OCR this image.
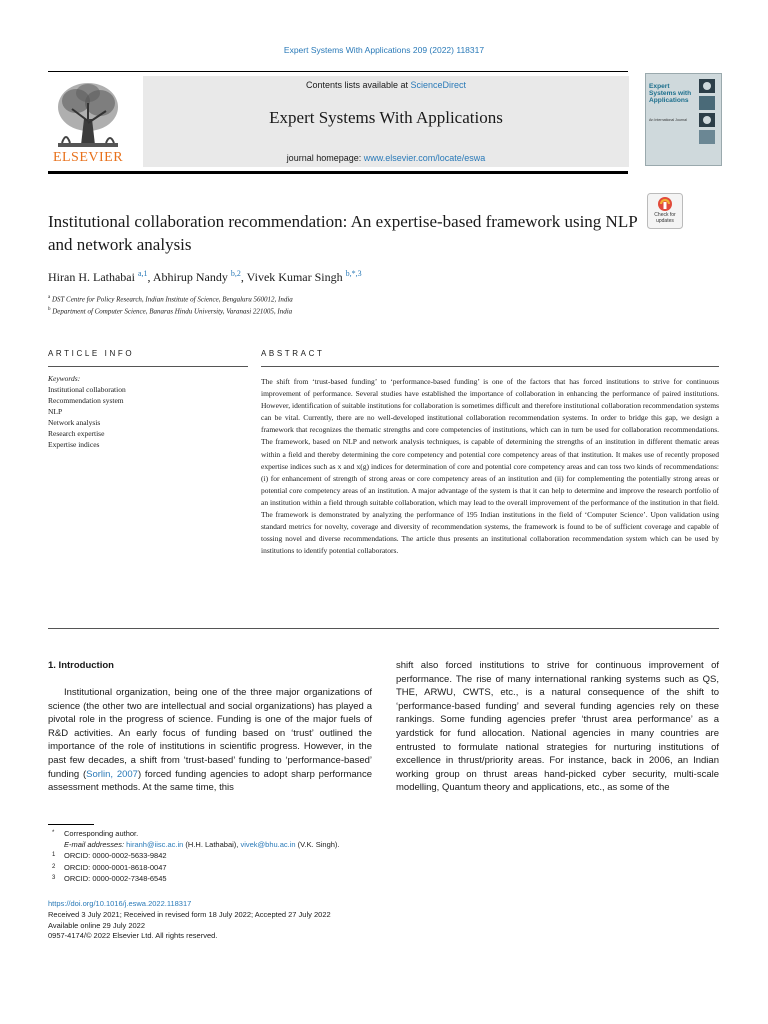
Expert Systems With Applications 209 (2022) 118317
Contents lists available at ScienceDirect
Expert Systems With Applications
journal homepage: www.elsevier.com/locate/eswa
ELSEVIER
Expert Systems with Applications
An International Journal
Check for updates
Institutional collaboration recommendation: An expertise-based framework using NLP and network analysis
Hiran H. Lathabai $^{a,1}$, Abhirup Nandy $^{b,2}$, Vivek Kumar Singh $^{b,*,3}$
$^a$ DST Centre for Policy Research, Indian Institute of Science, Bengaluru 560012, India
$^b$ Department of Computer Science, Banaras Hindu University, Varanasi 221005, India
ARTICLE INFO
Keywords:
Institutional collaboration
Recommendation system
NLP
Network analysis
Research expertise
Expertise indices
ABSTRACT
The shift from ‘trust-based funding’ to ‘performance-based funding’ is one of the factors that has forced institutions to strive for continuous improvement of performance. Several studies have established the importance of collaboration in enhancing the performance of paired institutions. However, identification of suitable institutions for collaboration is sometimes difficult and therefore institutional collaboration recommendation systems can be vital. Currently, there are no well-developed institutional collaboration recommendation systems. In order to bridge this gap, we design a framework that recognizes the thematic strengths and core competencies of institutions, which can in turn be used for collaboration recommendations. The framework, based on NLP and network analysis techniques, is capable of determining the strengths of an institution in different thematic areas within a field and thereby determining the core competency and potential core competency areas of that institution. It makes use of recently proposed expertise indices such as x and x(g) indices for determination of core and potential core competency areas and can toss two kinds of recommendations: (i) for enhancement of strength of strong areas or core competency areas of an institution and (ii) for complementing the potentially strong areas or potential core competency areas of an institution. A major advantage of the system is that it can help to determine and improve the research portfolio of an institution within a field through suitable collaboration, which may lead to the overall improvement of the performance of the institution in that field. The framework is demonstrated by analyzing the performance of 195 Indian institutions in the field of ‘Computer Science’. Upon validation using standard metrics for novelty, coverage and diversity of recommendation systems, the framework is found to be of sufficient coverage and capable of tossing novel and diverse recommendations. The article thus presents an institutional collaboration recommendation system which can be used by institutions to identify potential collaborators.
1. Introduction
Institutional organization, being one of the three major organizations of science (the other two are intellectual and social organizations) has played a pivotal role in the progress of science. Funding is one of the major fuels of R&D activities. An early focus of funding based on ‘trust’ outlined the importance of the role of institutions in scientific progress. However, in the past few decades, a shift from ‘trust-based’ funding to ‘performance-based’ funding (Sorlin, 2007) forced funding agencies to adopt sharp performance assessment methods. At the same time, this
shift also forced institutions to strive for continuous improvement of performance. The rise of many international ranking systems such as QS, THE, ARWU, CWTS, etc., is a natural consequence of the shift to ‘performance-based funding’ and several funding agencies rely on these rankings. Some funding agencies prefer ‘thrust area performance’ as a yardstick for fund allocation. National agencies in many countries are entrusted to formulate national strategies for nurturing institutions of excellence in thrust/priority areas. For instance, back in 2006, an Indian working group on thrust areas hand-picked cyber security, multi-scale modelling, Quantum theory and applications, etc., as some of the
* Corresponding author.
E-mail addresses: hiranh@iisc.ac.in (H.H. Lathabai), vivek@bhu.ac.in (V.K. Singh).
1 ORCID: 0000-0002-5633-9842
2 ORCID: 0000-0001-8618-0047
3 ORCID: 0000-0002-7348-6545
https://doi.org/10.1016/j.eswa.2022.118317
Received 3 July 2021; Received in revised form 18 July 2022; Accepted 27 July 2022
Available online 29 July 2022
0957-4174/© 2022 Elsevier Ltd. All rights reserved.
